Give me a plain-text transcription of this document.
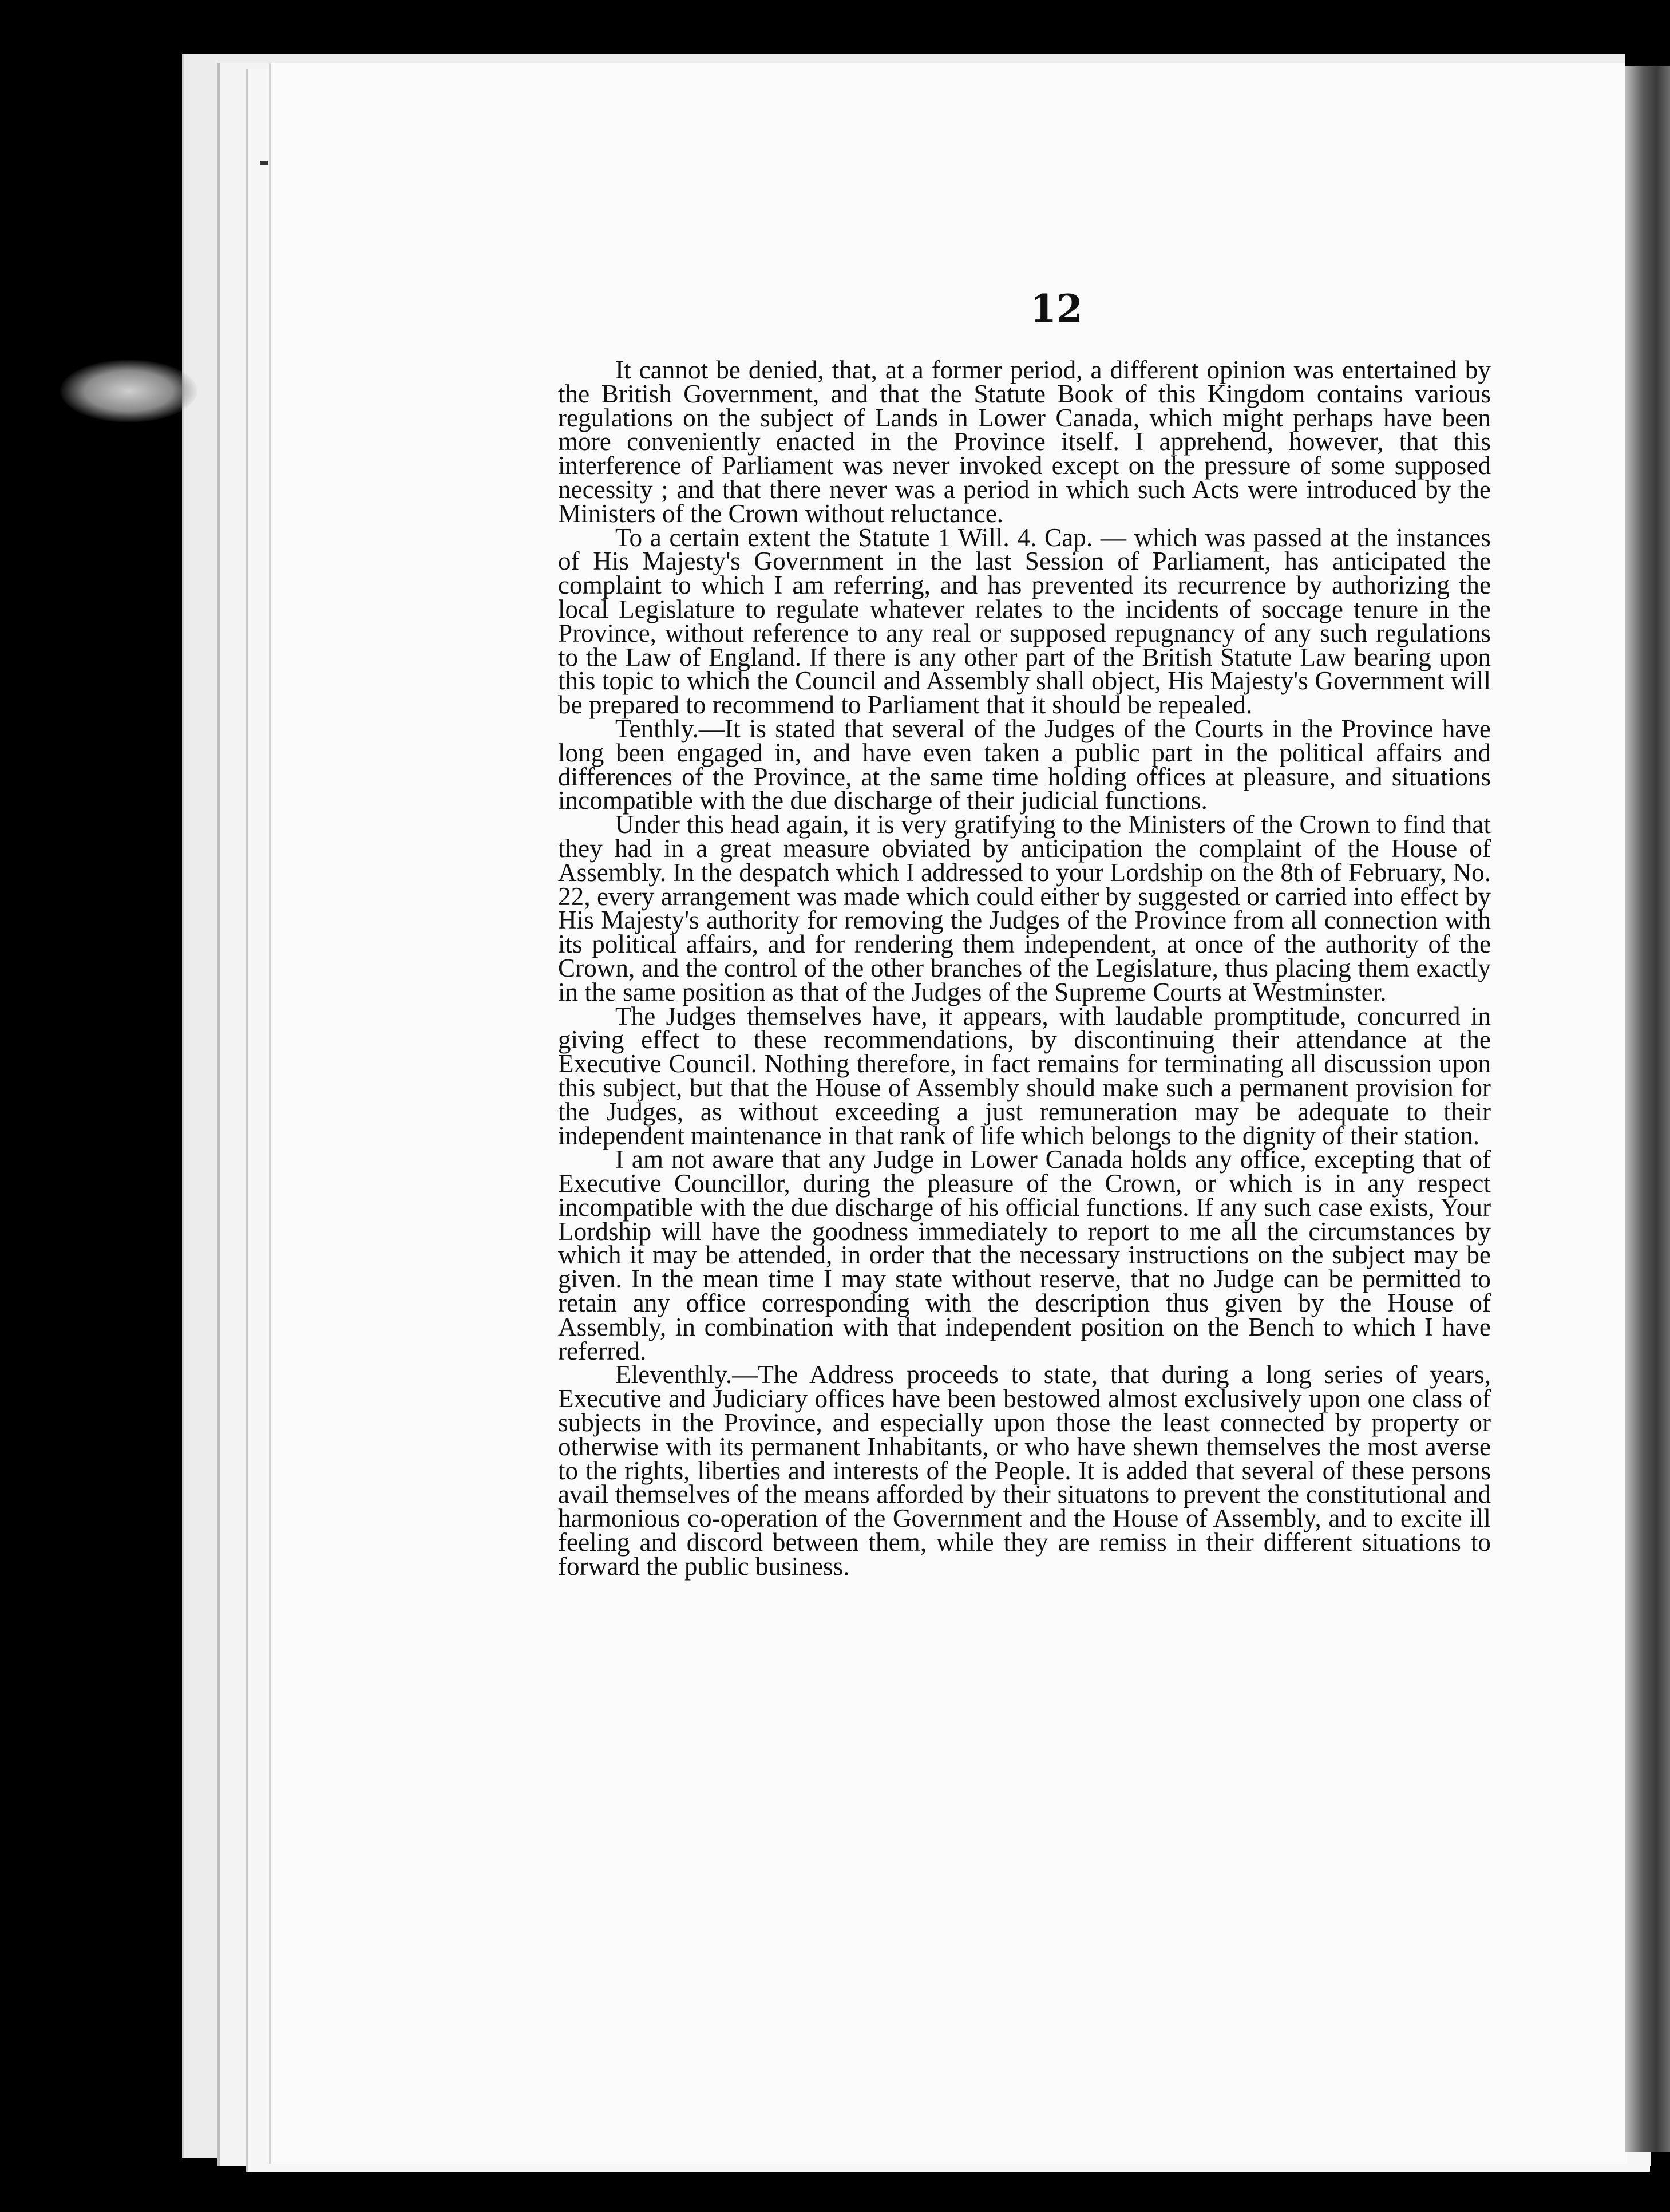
12

It cannot be denied, that, at a former period, a different opinion was entertained by the British Government, and that the Statute Book of this Kingdom contains various regulations on the subject of Lands in Lower Canada, which might perhaps have been more conveniently enacted in the Province itself. I apprehend, however, that this interference of Parliament was never invoked except on the pressure of some supposed necessity ; and that there never was a period in which such Acts were introduced by the Ministers of the Crown without reluctance.

To a certain extent the Statute 1 Will. 4. Cap. — which was passed at the instances of His Majesty's Government in the last Session of Parliament, has anticipated the complaint to which I am referring, and has prevented its recurrence by authorizing the local Legislature to regulate whatever relates to the incidents of soccage tenure in the Province, without reference to any real or supposed repugnancy of any such regulations to the Law of England. If there is any other part of the British Statute Law bearing upon this topic to which the Council and Assembly shall object, His Majesty's Government will be prepared to recommend to Parliament that it should be repealed.

Tenthly.—It is stated that several of the Judges of the Courts in the Province have long been engaged in, and have even taken a public part in the political affairs and differences of the Province, at the same time holding offices at pleasure, and situations incompatible with the due discharge of their judicial functions.

Under this head again, it is very gratifying to the Ministers of the Crown to find that they had in a great measure obviated by anticipation the complaint of the House of Assembly. In the despatch which I addressed to your Lordship on the 8th of February, No. 22, every arrangement was made which could either by suggested or carried into effect by His Majesty's authority for removing the Judges of the Province from all connection with its political affairs, and for rendering them independent, at once of the authority of the Crown, and the control of the other branches of the Legislature, thus placing them exactly in the same position as that of the Judges of the Supreme Courts at Westminster.

The Judges themselves have, it appears, with laudable promptitude, concurred in giving effect to these recommendations, by discontinuing their attendance at the Executive Council. Nothing therefore, in fact remains for terminating all discussion upon this subject, but that the House of Assembly should make such a permanent provision for the Judges, as without exceeding a just remuneration may be adequate to their independent maintenance in that rank of life which belongs to the dignity of their station.

I am not aware that any Judge in Lower Canada holds any office, excepting that of Executive Councillor, during the pleasure of the Crown, or which is in any respect incompatible with the due discharge of his official functions. If any such case exists, Your Lordship will have the goodness immediately to report to me all the circumstances by which it may be attended, in order that the necessary instructions on the subject may be given. In the mean time I may state without reserve, that no Judge can be permitted to retain any office corresponding with the description thus given by the House of Assembly, in combination with that independent position on the Bench to which I have referred.

Eleventhly.—The Address proceeds to state, that during a long series of years, Executive and Judiciary offices have been bestowed almost exclusively upon one class of subjects in the Province, and especially upon those the least connected by property or otherwise with its permanent Inhabitants, or who have shewn themselves the most averse to the rights, liberties and interests of the People. It is added that several of these persons avail themselves of the means afforded by their situatons to prevent the constitutional and harmonious co-operation of the Government and the House of Assembly, and to excite ill feeling and discord between them, while they are remiss in their different situations to forward the public business.
